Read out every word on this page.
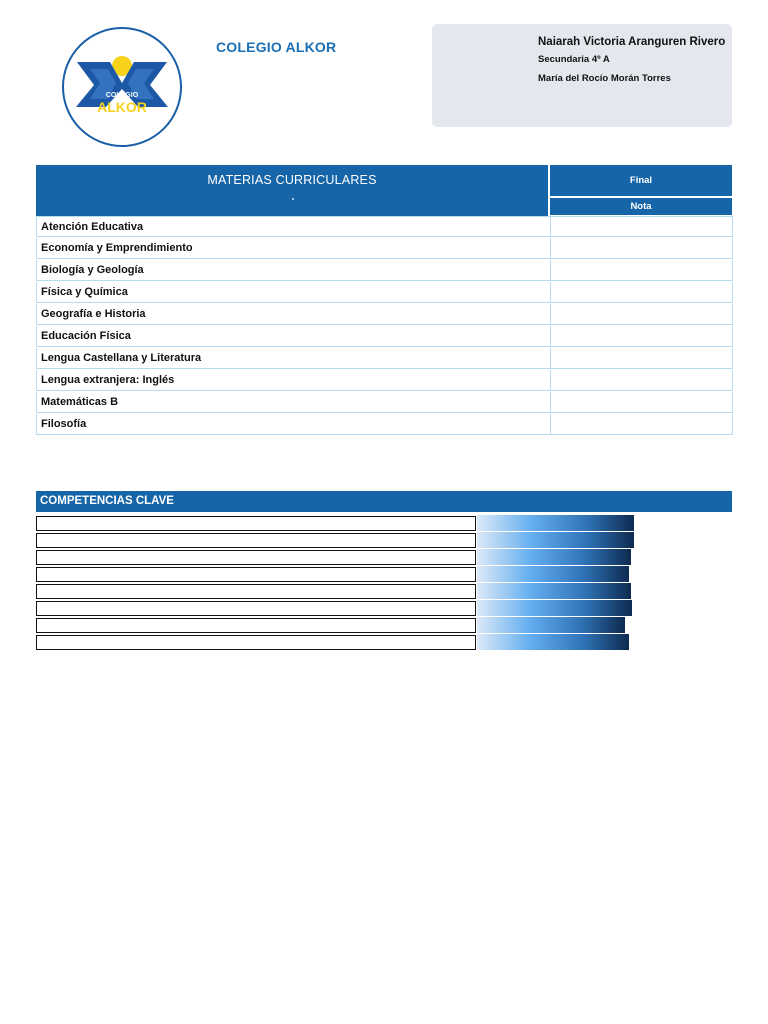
COLEGIO
ALKOR
COLEGIO ALKOR	Naiarah Victoria Aranguren Rivero
Secundaria 4º A
María del Rocío Morán Torres
MATERIAS CURRICULARES	Final
Nota
Atención Educativa
Economía y Emprendimiento
Biología y Geología
Física y Química
Geografía e Historia
Educación Física
Lengua Castellana y Literatura
Lengua extranjera: Inglés
Matemáticas B
Filosofía
COMPETENCIAS CLAVE
